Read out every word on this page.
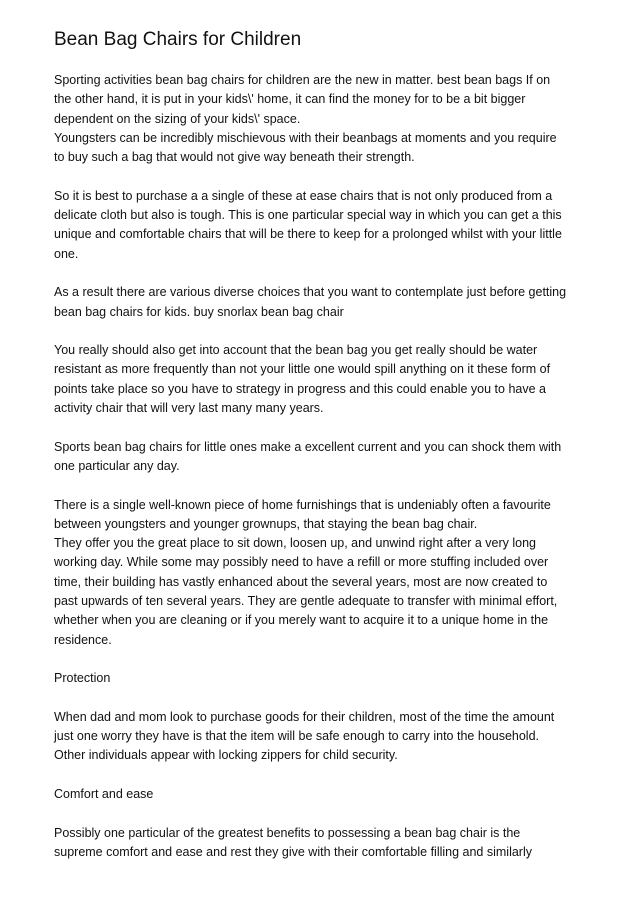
Bean Bag Chairs for Children

Sporting activities bean bag chairs for children are the new in matter. best bean bags If on
the other hand, it is put in your kids\' home, it can find the money for to be a bit bigger
dependent on the sizing of your kids\' space.

Youngsters can be incredibly mischievous with their beanbags at moments and you require
to buy such a bag that would not give way beneath their strength.

So it is best to purchase a a single of these at ease chairs that is not only produced from a
delicate cloth but also is tough. This is one particular special way in which you can get a this
unique and comfortable chairs that will be there to keep for a prolonged whilst with your little
one.

As a result there are various diverse choices that you want to contemplate just before getting
bean bag chairs for kids. buy snorlax bean bag chair

You really should also get into account that the bean bag you get really should be water
resistant as more frequently than not your little one would spill anything on it these form of
points take place so you have to strategy in progress and this could enable you to have a
activity chair that will very last many many years.

Sports bean bag chairs for little ones make a excellent current and you can shock them with
one particular any day.

There is a single well-known piece of home furnishings that is undeniably often a favourite
between youngsters and younger grownups, that staying the bean bag chair.

They offer you the great place to sit down, loosen up, and unwind right after a very long
working day. While some may possibly need to have a refill or more stuffing included over
time, their building has vastly enhanced about the several years, most are now created to
past upwards of ten several years. They are gentle adequate to transfer with minimal effort,
whether when you are cleaning or if you merely want to acquire it to a unique home in the
residence.

Protection

When dad and mom look to purchase goods for their children, most of the time the amount
just one worry they have is that the item will be safe enough to carry into the household.
Other individuals appear with locking zippers for child security.

Comfort and ease

Possibly one particular of the greatest benefits to possessing a bean bag chair is the
supreme comfort and ease and rest they give with their comfortable filling and similarly
